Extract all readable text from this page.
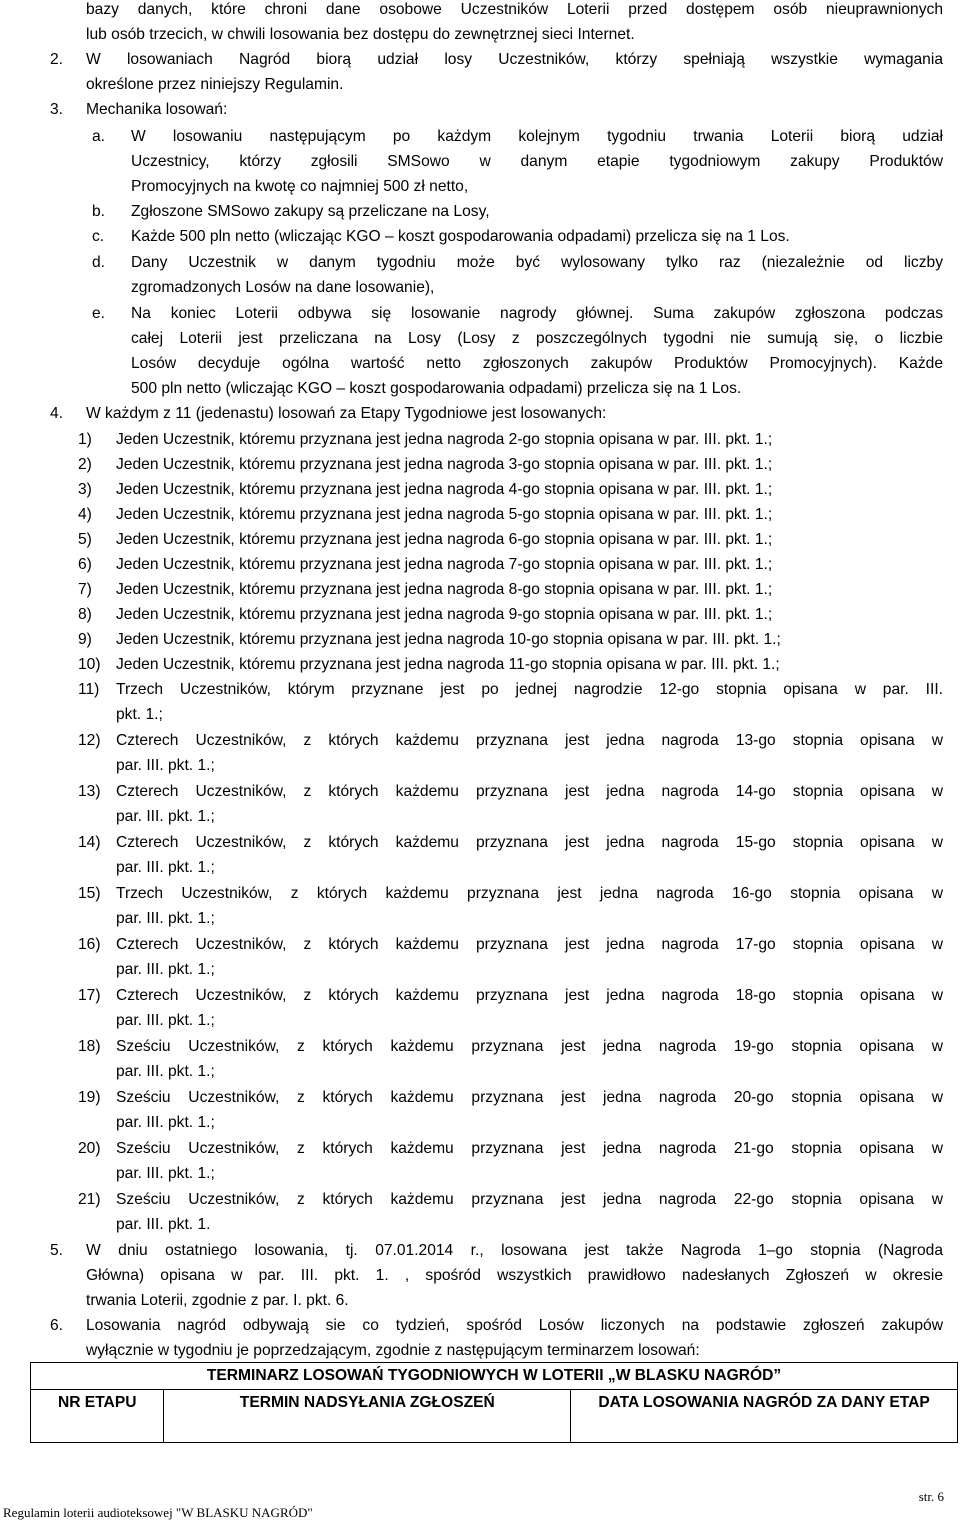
bazy danych, które chroni dane osobowe Uczestników Loterii przed dostępem osób nieuprawnionych
lub osób trzecich, w chwili losowania bez dostępu do zewnętrznej sieci Internet.
2. W losowaniach Nagród biorą udział losy Uczestników, którzy spełniają wszystkie wymagania
określone przez niniejszy Regulamin.
3. Mechanika losowań:
a. W losowaniu następującym po każdym kolejnym tygodniu trwania Loterii biorą udział
Uczestnicy, którzy zgłosili SMSowo w danym etapie tygodniowym zakupy Produktów
Promocyjnych na kwotę co najmniej 500 zł netto,
b. Zgłoszone SMSowo zakupy są przeliczane na Losy,
c. Każde 500 pln netto (wliczając KGO – koszt gospodarowania odpadami) przelicza się na 1 Los.
d. Dany Uczestnik w danym tygodniu może być wylosowany tylko raz (niezależnie od liczby
zgromadzonych Losów na dane losowanie),
e. Na koniec Loterii odbywa się losowanie nagrody głównej. Suma zakupów zgłoszona podczas
całej Loterii jest przeliczana na Losy (Losy z poszczególnych tygodni nie sumują się, o liczbie
Losów decyduje ogólna wartość netto zgłoszonych zakupów Produktów Promocyjnych). Każde
500 pln netto (wliczając KGO – koszt gospodarowania odpadami) przelicza się na 1 Los.
4. W każdym z 11 (jedenastu) losowań za Etapy Tygodniowe jest losowanych:
1) Jeden Uczestnik, któremu przyznana jest jedna nagroda 2-go stopnia opisana w par. III. pkt. 1.;
2) Jeden Uczestnik, któremu przyznana jest jedna nagroda 3-go stopnia opisana w par. III. pkt. 1.;
3) Jeden Uczestnik, któremu przyznana jest jedna nagroda 4-go stopnia opisana w par. III. pkt. 1.;
4) Jeden Uczestnik, któremu przyznana jest jedna nagroda 5-go stopnia opisana w par. III. pkt. 1.;
5) Jeden Uczestnik, któremu przyznana jest jedna nagroda 6-go stopnia opisana w par. III. pkt. 1.;
6) Jeden Uczestnik, któremu przyznana jest jedna nagroda 7-go stopnia opisana w par. III. pkt. 1.;
7) Jeden Uczestnik, któremu przyznana jest jedna nagroda 8-go stopnia opisana w par. III. pkt. 1.;
8) Jeden Uczestnik, któremu przyznana jest jedna nagroda 9-go stopnia opisana w par. III. pkt. 1.;
9) Jeden Uczestnik, któremu przyznana jest jedna nagroda 10-go stopnia opisana w par. III. pkt. 1.;
10) Jeden Uczestnik, któremu przyznana jest jedna nagroda 11-go stopnia opisana w par. III. pkt. 1.;
11) Trzech Uczestników, którym przyznane jest po jednej nagrodzie 12-go stopnia opisana w par. III.
pkt. 1.;
12) Czterech Uczestników, z których każdemu przyznana jest jedna nagroda 13-go stopnia opisana w
par. III. pkt. 1.;
13) Czterech Uczestników, z których każdemu przyznana jest jedna nagroda 14-go stopnia opisana w
par. III. pkt. 1.;
14) Czterech Uczestników, z których każdemu przyznana jest jedna nagroda 15-go stopnia opisana w
par. III. pkt. 1.;
15) Trzech Uczestników, z których każdemu przyznana jest jedna nagroda 16-go stopnia opisana w
par. III. pkt. 1.;
16) Czterech Uczestników, z których każdemu przyznana jest jedna nagroda 17-go stopnia opisana w
par. III. pkt. 1.;
17) Czterech Uczestników, z których każdemu przyznana jest jedna nagroda 18-go stopnia opisana w
par. III. pkt. 1.;
18) Sześciu Uczestników, z których każdemu przyznana jest jedna nagroda 19-go stopnia opisana w
par. III. pkt. 1.;
19) Sześciu Uczestników, z których każdemu przyznana jest jedna nagroda 20-go stopnia opisana w
par. III. pkt. 1.;
20) Sześciu Uczestników, z których każdemu przyznana jest jedna nagroda 21-go stopnia opisana w
par. III. pkt. 1.;
21) Sześciu Uczestników, z których każdemu przyznana jest jedna nagroda 22-go stopnia opisana w
par. III. pkt. 1.
5. W dniu ostatniego losowania, tj. 07.01.2014 r., losowana jest także Nagroda 1–go stopnia (Nagroda
Główna) opisana w par. III. pkt. 1. , spośród wszystkich prawidłowo nadesłanych Zgłoszeń w okresie
trwania Loterii, zgodnie z par. I. pkt. 6.
6. Losowania nagród odbywają sie co tydzień, spośród Losów liczonych na podstawie zgłoszeń zakupów
wyłącznie w tygodniu je poprzedzającym, zgodnie z następującym terminarzem losowań:
TERMINARZ LOSOWAŃ TYGODNIOWYCH W LOTERII „W BLASKU NAGRÓD”
NR ETAPU	TERMIN NADSYŁANIA ZGŁOSZEŃ	DATA LOSOWANIA NAGRÓD ZA DANY ETAP
Regulamin loterii audioteksowej "W BLASKU NAGRÓD"
str. 6
